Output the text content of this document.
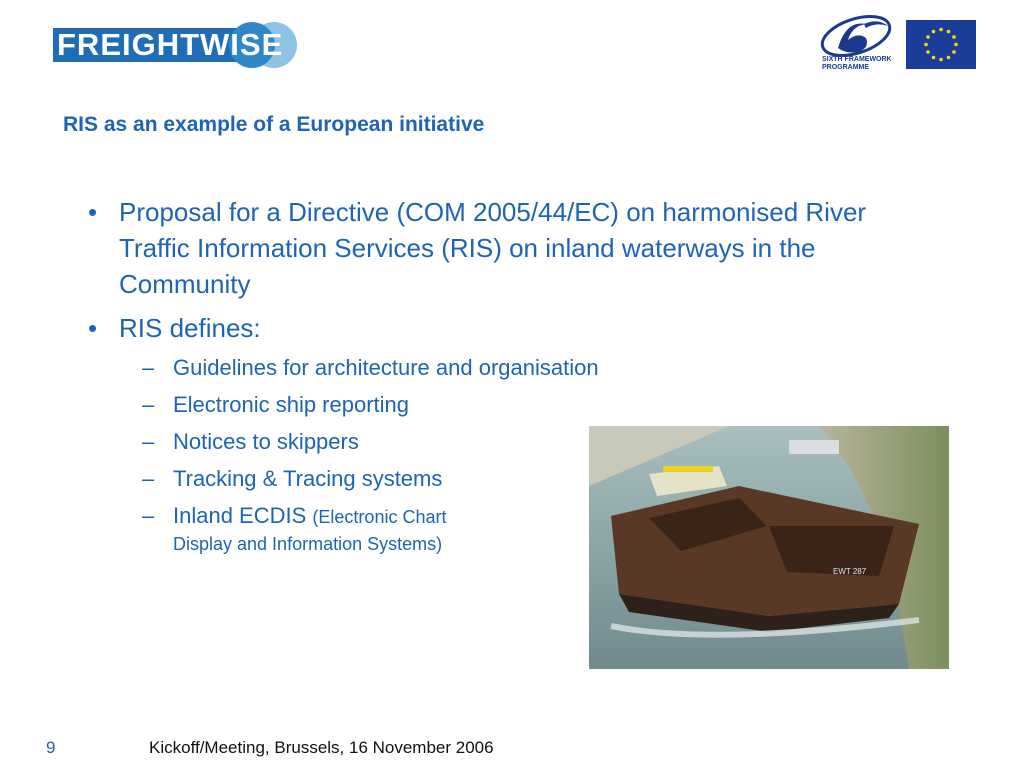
FREIGHTWISE	SIXTH FRAMEWORK
PROGRAMME
RIS as an example of a European initiative
• Proposal for a Directive (COM 2005/44/EC) on harmonised River Traffic Information Services (RIS) on inland waterways in the Community
• RIS defines:
– Guidelines for architecture and organisation
– Electronic ship reporting
– Notices to skippers
– Tracking & Tracing systems
– Inland ECDIS (Electronic Chart
Display and Information Systems)
EWT 287
9	Kickoff/Meeting, Brussels, 16 November 2006
